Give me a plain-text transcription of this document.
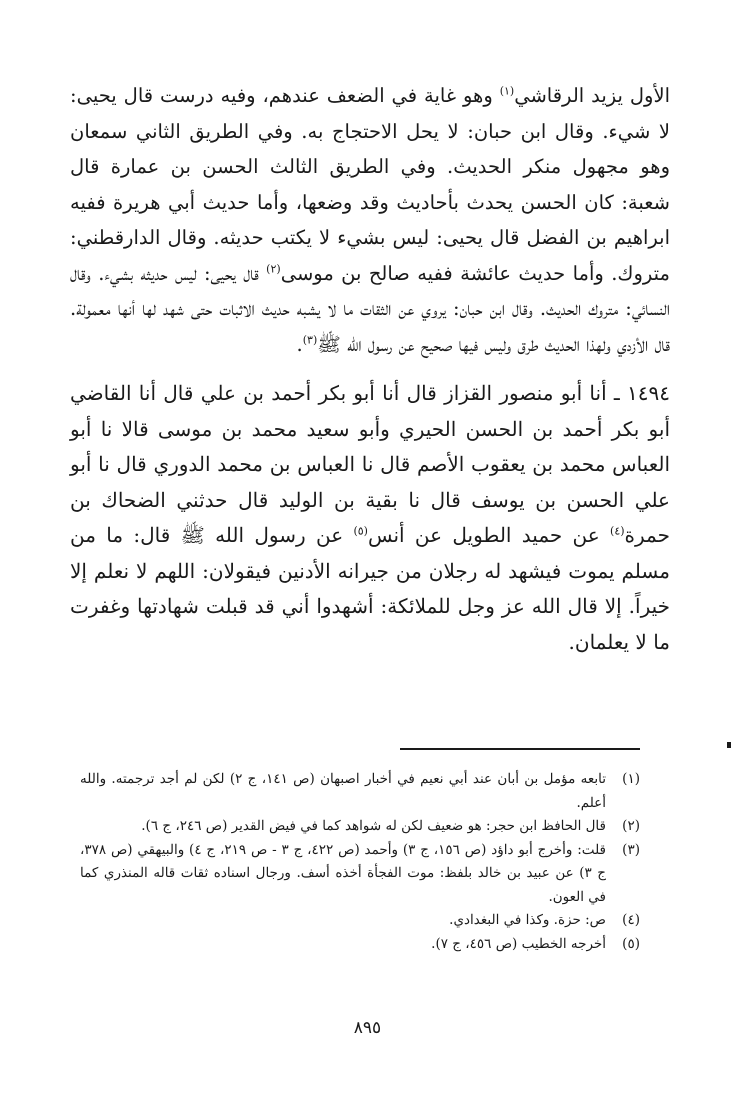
الأول يزيد الرقاشي$^{(١)}$ وهو غاية في الضعف عندهم، وفيه درست قال يحيى: لا شيء. وقال ابن حبان: لا يحل الاحتجاج به. وفي الطريق الثاني سمعان وهو مجهول منكر الحديث. وفي الطريق الثالث الحسن بن عمارة قال شعبة: كان الحسن يحدث بأحاديث وقد وضعها، وأما حديث أبي هريرة ففيه ابراهيم بن الفضل قال يحيى: ليس بشيء لا يكتب حديثه. وقال الدارقطني: متروك. وأما حديث عائشة ففيه صالح بن موسى$^{(٢)}$ قال يحيى: ليس حديثه بشيء. وقال النسائي: متروك الحديث. وقال ابن حبان: يروي عن الثقات ما لا يشبه حديث الاثبات حتى شهد لها أنها معمولة. قال الأزدي ولهذا الحديث طرق وليس فيها صحيح عن رسول الله ﷺ$^{(٣)}$.

١٤٩٤ ـ أنا أبو منصور القزاز قال أنا أبو بكر أحمد بن علي قال أنا القاضي أبو بكر أحمد بن الحسن الحيري وأبو سعيد محمد بن موسى قالا نا أبو العباس محمد بن يعقوب الأصم قال نا العباس بن محمد الدوري قال نا أبو علي الحسن بن يوسف قال نا بقية بن الوليد قال حدثني الضحاك بن حمرة$^{(٤)}$ عن حميد الطويل عن أنس$^{(٥)}$ عن رسول الله ﷺ قال: ما من مسلم يموت فيشهد له رجلان من جيرانه الأدنين فيقولان: اللهم لا نعلم إلا خيراً. إلا قال الله عز وجل للملائكة: أشهدوا أني قد قبلت شهادتها وغفرت ما لا يعلمان.

(١)
تابعه مؤمل بن أبان عند أبي نعيم في أخبار اصبهان (ص ١٤١، ج ٢) لكن لم أجد ترجمته. والله أعلم.
(٢)
قال الحافظ ابن حجر: هو ضعيف لكن له شواهد كما في فيض القدير (ص ٢٤٦، ج ٦).
(٣)
قلت: وأخرج أبو داؤد (ص ١٥٦، ج ٣) وأحمد (ص ٤٢٢، ج ٣ - ص ٢١٩، ج ٤) والبيهقي (ص ٣٧٨، ج ٣) عن عبيد بن خالد بلفظ: موت الفجأة أخذه أسف. ورجال اسناده ثقات قاله المنذري كما في العون.
(٤)
ص: حزة. وكذا في البغدادي.
(٥)
أخرجه الخطيب (ص ٤٥٦، ج ٧).
٨٩٥
